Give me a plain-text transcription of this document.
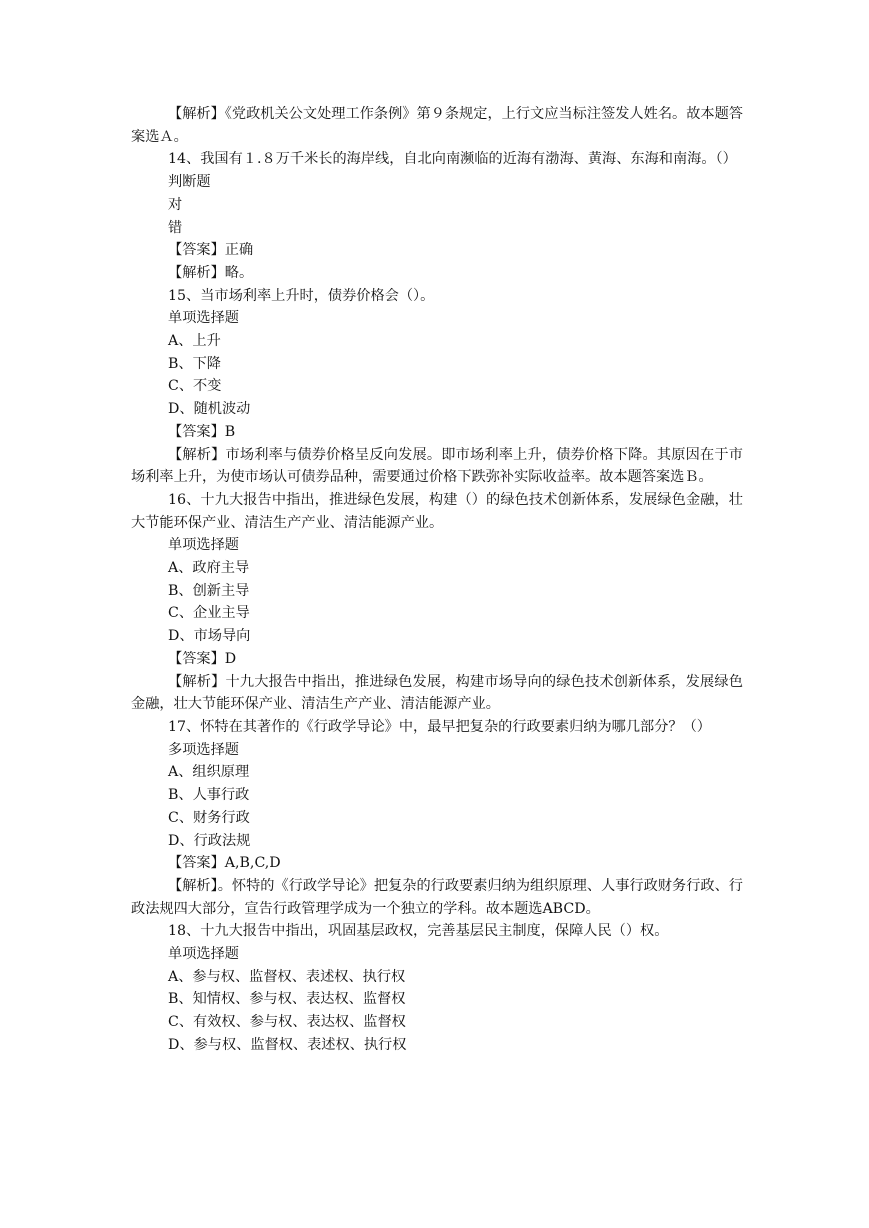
【解析】《党政机关公文处理工作条例》第９条规定，上行文应当标注签发人姓名。故本题答案选Ａ。

14、我国有１.８万千米长的海岸线，自北向南濒临的近海有渤海、黄海、东海和南海。（）

判断题

对

错

【答案】正确

【解析】略。

15、当市场利率上升时，债券价格会（）。

单项选择题

A、上升

B、下降

C、不变

D、随机波动

【答案】B

【解析】市场利率与债券价格呈反向发展。即市场利率上升，债券价格下降。其原因在于市场利率上升，为使市场认可债券品种，需要通过价格下跌弥补实际收益率。故本题答案选Ｂ。

16、十九大报告中指出，推进绿色发展，构建（）的绿色技术创新体系，发展绿色金融，壮大节能环保产业、清洁生产产业、清洁能源产业。

单项选择题

A、政府主导

B、创新主导

C、企业主导

D、市场导向

【答案】D

【解析】十九大报告中指出，推进绿色发展，构建市场导向的绿色技术创新体系，发展绿色金融，壮大节能环保产业、清洁生产产业、清洁能源产业。

17、怀特在其著作的《行政学导论》中，最早把复杂的行政要素归纳为哪几部分？（）

多项选择题

A、组织原理

B、人事行政

C、财务行政

D、行政法规

【答案】A,B,C,D

【解析】。怀特的《行政学导论》把复杂的行政要素归纳为组织原理、人事行政财务行政、行政法规四大部分，宣告行政管理学成为一个独立的学科。故本题选ABCD。

18、十九大报告中指出，巩固基层政权，完善基层民主制度，保障人民（）权。

单项选择题

A、参与权、监督权、表述权、执行权

B、知情权、参与权、表达权、监督权

C、有效权、参与权、表达权、监督权

D、参与权、监督权、表述权、执行权
